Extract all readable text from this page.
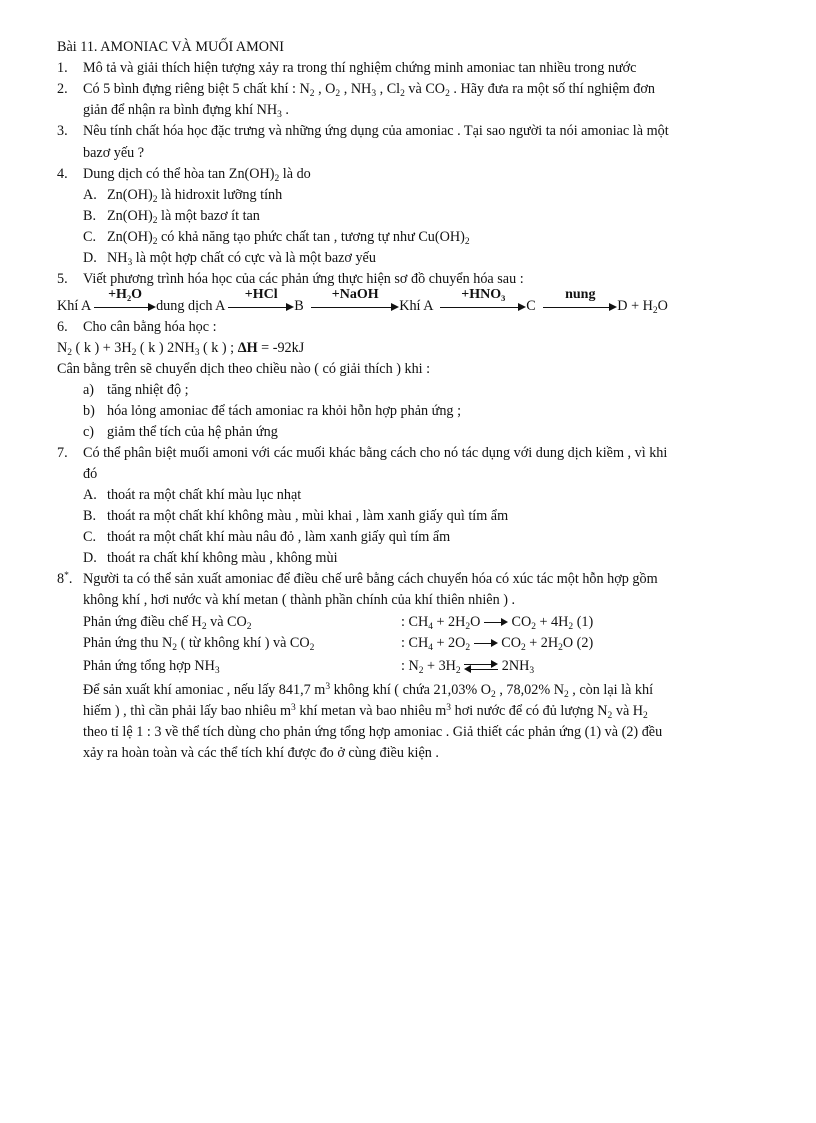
Bài 11. AMONIAC VÀ MUỐI AMONI
1. Mô tả và giải thích hiện tượng xảy ra trong thí nghiệm chứng minh amoniac tan nhiều trong nước
2. Có 5 bình đựng riêng biệt 5 chất khí : $N_2$ , $O_2$ , $NH_3$ , $Cl_2$ và $CO_2$ . Hãy đưa ra một số thí nghiệm đơn
giản để nhận ra bình đựng khí $NH_3$ .
3. Nêu tính chất hóa học đặc trưng và những ứng dụng của amoniac . Tại sao người ta nói amoniac là một
bazơ yếu ?
4. Dung dịch có thể hòa $\tan Zn(OH)_2$ là do
A. $Zn(OH)_2$ là hidroxit lưỡng tính
B. $Zn(OH)_2$ là một bazơ ít tan
C. $Zn(OH)_2$ có khả năng tạo phức chất tan , tương tự như $Cu(OH)_2$
D. $NH_3$ là một hợp chất có cực và là một bazơ yếu
5. Viết phương trình hóa học của các phản ứng thực hiện sơ đồ chuyển hóa sau :
Khí A
+H₂O
dung dịch A
+HCl
B
+NaOH
Khí A
+HNO₃
C
nung
$D + H_2O$
6. Cho cân bằng hóa học :
$N_2$ ( k ) + $3H_2$ ( k ) $2NH_3$ ( k ) ; ΔH = -92kJ
Cân bằng trên sẽ chuyển dịch theo chiều nào ( có giải thích ) khi :
a) tăng nhiệt độ ;
b) hóa lỏng amoniac để tách amoniac ra khỏi hỗn hợp phản ứng ;
c) giảm thể tích của hệ phản ứng
7. Có thể phân biệt muối amoni với các muối khác bằng cách cho nó tác dụng với dung dịch kiềm , vì khi
đó
A. thoát ra một chất khí màu lục nhạt
B. thoát ra một chất khí không màu , mùi khai , làm xanh giấy quì tím ẩm
C. thoát ra một chất khí màu nâu đỏ , làm xanh giấy quì tím ẩm
D. thoát ra chất khí không màu , không mùi
8*. Người ta có thể sản xuất amoniac để điều chế urê bằng cách chuyển hóa có xúc tác một hỗn hợp gồm
không khí , hơi nước và khí metan ( thành phần chính của khí thiên nhiên ) .
Phản ứng điều chế $H_2$ và $CO_2$	: $CH_4 + 2H_2O$ $CO_2 + 4H_2$ (1)
Phản ứng thu $N_2$ ( từ không khí ) và $CO_2$	: $CH_4 + 2O_2$ $CO_2 + 2H_2O$ (2)
Phản ứng tổng hợp $NH_3$	: $N_2 + 3H_2$	$2NH_3$
Để sản xuất khí amoniac , nếu lấy 841,7 $m^3$ không khí ( chứa 21,03% $O_2$ , 78,02% $N_2$ , còn lại là khí
hiếm ) , thì cần phải lấy bao nhiêu $m^3$ khí metan và bao nhiêu $m^3$ hơi nước để có đủ lượng $N_2$ và $H_2$
theo tỉ lệ 1 : 3 về thể tích dùng cho phản ứng tổng hợp amoniac . Giả thiết các phản ứng (1) và (2) đều
xảy ra hoàn toàn và các thể tích khí được đo ở cùng điều kiện .
